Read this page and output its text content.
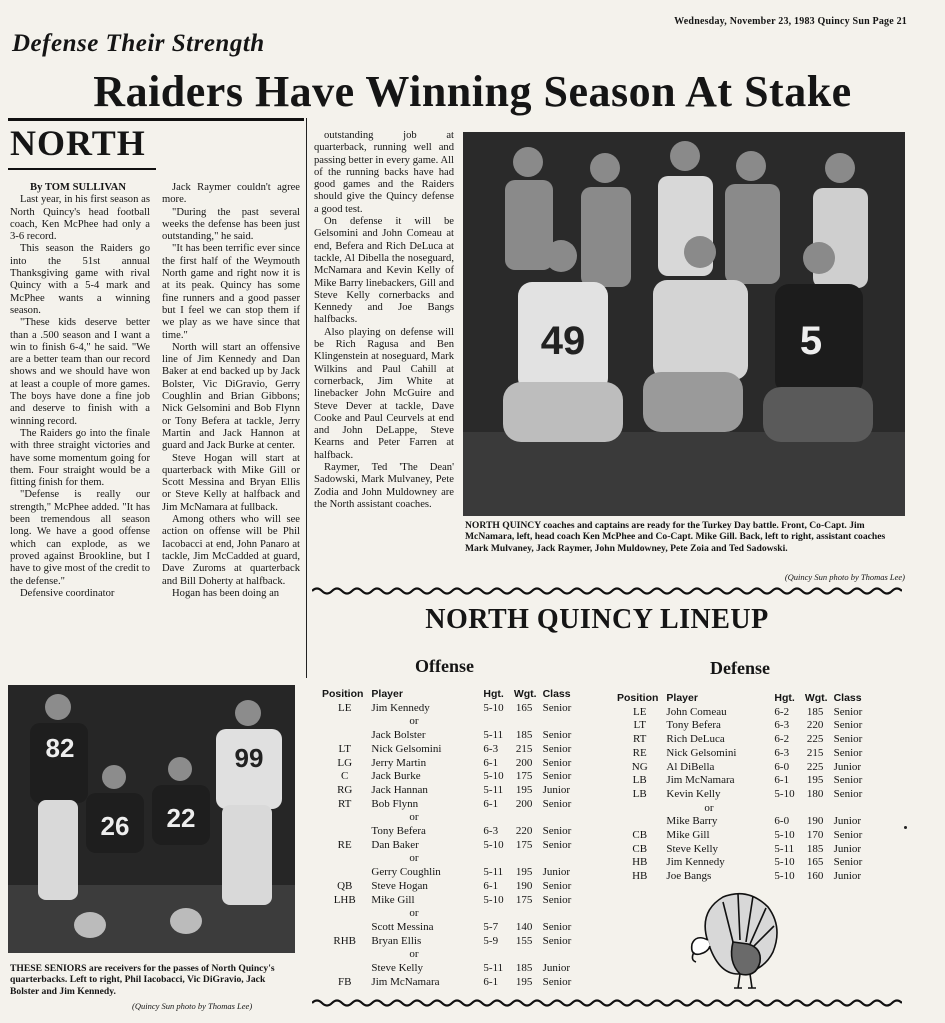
Wednesday, November 23, 1983 Quincy Sun Page 21
Defense Their Strength
Raiders Have Winning Season At Stake
NORTH

By TOM SULLIVAN

Last year, in his first season as North Quincy's head football coach, Ken McPhee had only a 3-6 record.

This season the Raiders go into the 51st annual Thanksgiving game with rival Quincy with a 5-4 mark and McPhee wants a winning season.

"These kids deserve better than a .500 season and I want a win to finish 6-4," he said. "We are a better team than our record shows and we should have won at least a couple of more games. The boys have done a fine job and deserve to finish with a winning record.

The Raiders go into the finale with three straight victories and have some momentum going for them. Four straight would be a fitting finish for them.

"Defense is really our strength," McPhee added. "It has been tremendous all season long. We have a good offense which can explode, as we proved against Brookline, but I have to give most of the credit to the defense."

Defensive coordinator

Jack Raymer couldn't agree more.

"During the past several weeks the defense has been just outstanding," he said.

"It has been terrific ever since the first half of the Weymouth North game and right now it is at its peak. Quincy has some fine runners and a good passer but I feel we can stop them if we play as we have since that time."

North will start an offensive line of Jim Kennedy and Dan Baker at end backed up by Jack Bolster, Vic DiGravio, Gerry Coughlin and Brian Gibbons; Nick Gelsomini and Bob Flynn or Tony Befera at tackle, Jerry Martin and Jack Hannon at guard and Jack Burke at center.

Steve Hogan will start at quarterback with Mike Gill or Scott Messina and Bryan Ellis or Steve Kelly at halfback and Jim McNamara at fullback.

Among others who will see action on offense will be Phil Iacobacci at end, John Panaro at tackle, Jim McCadded at guard, Dave Zuroms at quarterback and Bill Doherty at halfback.

Hogan has been doing an

outstanding job at quarterback, running well and passing better in every game. All of the running backs have had good games and the Raiders should give the Quincy defense a good test.

On defense it will be Gelsomini and John Comeau at end, Befera and Rich DeLuca at tackle, Al Dibella the noseguard, McNamara and Kevin Kelly of Mike Barry linebackers, Gill and Steve Kelly cornerbacks and Kennedy and Joe Bangs halfbacks.

Also playing on defense will be Rich Ragusa and Ben Klingenstein at noseguard, Mark Wilkins and Paul Cahill at cornerback, Jim White at linebacker John McGuire and Steve Dever at tackle, Dave Cooke and Paul Ceurvels at end and John DeLappe, Steve Kearns and Peter Farren at halfback.

Raymer, Ted 'The Dean' Sadowski, Mark Mulvaney, Pete Zodia and John Muldowney are the North assistant coaches.

49	5
NORTH QUINCY coaches and captains are ready for the Turkey Day battle. Front, Co-Capt. Jim McNamara, left, head coach Ken McPhee and Co-Capt. Mike Gill. Back, left to right, assistant coaches Mark Mulvaney, Jack Raymer, John Muldowney, Pete Zoia and Ted Sadowski.
(Quincy Sun photo by Thomas Lee)
82
26 22
99
THESE SENIORS are receivers for the passes of North Quincy's quarterbacks. Left to right, Phil Iacobacci, Vic DiGravio, Jack Bolster and Jim Kennedy.
(Quincy Sun photo by Thomas Lee)
NORTH QUINCY LINEUP
Offense	Defense
Position	Player	Hgt.	Wgt.	Class
LE	Jim Kennedy	5-10	165	Senior
	or			
	Jack Bolster	5-11	185	Senior
LT	Nick Gelsomini	6-3	215	Senior
LG	Jerry Martin	6-1	200	Senior
C	Jack Burke	5-10	175	Senior
RG	Jack Hannan	5-11	195	Junior
RT	Bob Flynn	6-1	200	Senior
	or			
	Tony Befera	6-3	220	Senior
RE	Dan Baker	5-10	175	Senior
	or			
	Gerry Coughlin	5-11	195	Junior
QB	Steve Hogan	6-1	190	Senior
LHB	Mike Gill	5-10	175	Senior
	or			
	Scott Messina	5-7	140	Senior
RHB	Bryan Ellis	5-9	155	Senior
	or			
	Steve Kelly	5-11	185	Junior
FB	Jim McNamara	6-1	195	Senior
Position	Player	Hgt.	Wgt.	Class
LE	John Comeau	6-2	185	Senior
LT	Tony Befera	6-3	220	Senior
RT	Rich DeLuca	6-2	225	Senior
RE	Nick Gelsomini	6-3	215	Senior
NG	Al DiBella	6-0	225	Junior
LB	Jim McNamara	6-1	195	Senior
LB	Kevin Kelly	5-10	180	Senior
	or			
	Mike Barry	6-0	190	Junior
CB	Mike Gill	5-10	170	Senior
CB	Steve Kelly	5-11	185	Junior
HB	Jim Kennedy	5-10	165	Senior
HB	Joe Bangs	5-10	160	Junior
